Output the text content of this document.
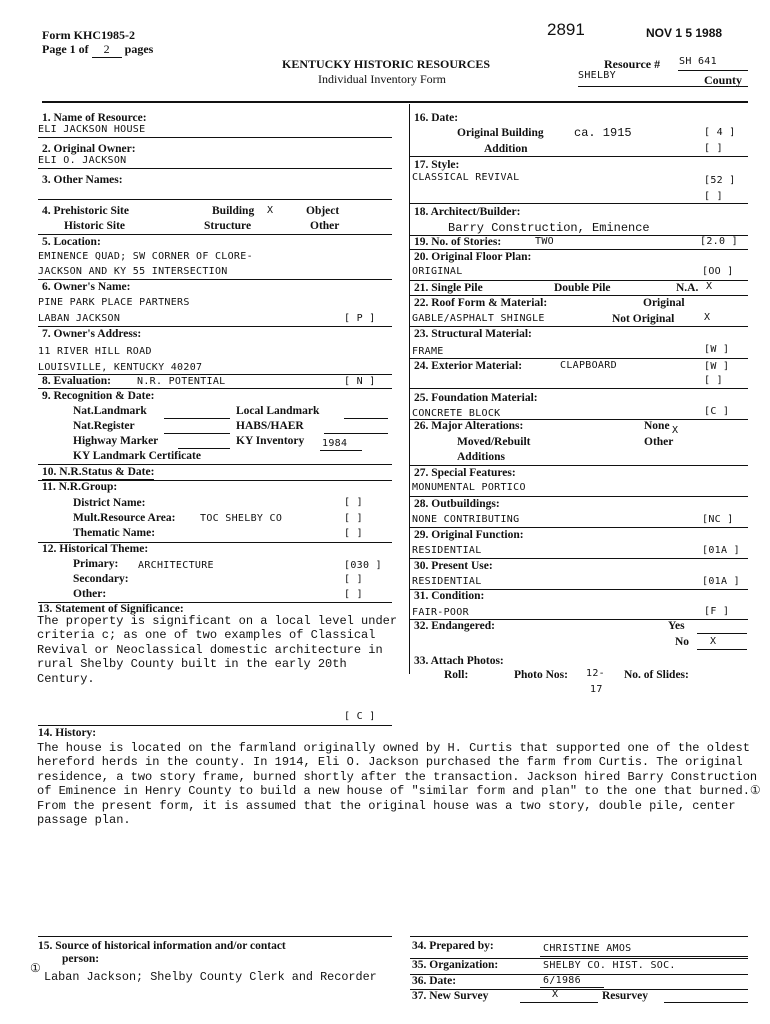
Form KHC1985-2
Page 1 of 2 pages
2891	NOV 1 5 1988
KENTUCKY HISTORIC RESOURCES
Individual Inventory Form
Resource # SH 641
SHELBY	County
1. Name of Resource:
ELI JACKSON HOUSE
2. Original Owner:
ELI O. JACKSON
3. Other Names:
4. Prehistoric Site	Building X	Object
Historic Site	Structure	Other
5. Location:
EMINENCE QUAD; SW CORNER OF CLORE-
JACKSON AND KY 55 INTERSECTION
6. Owner's Name:
PINE PARK PLACE PARTNERS
LABAN JACKSON	[ P ]
7. Owner's Address:
11 RIVER HILL ROAD
LOUISVILLE, KENTUCKY 40207
8. Evaluation:	N.R. POTENTIAL	[ N ]
9. Recognition & Date:
Nat.Landmark	Local Landmark
Nat.Register	HABS/HAER
Highway Marker	KY Inventory 1984
KY Landmark Certificate
10. N.R.Status & Date:
11. N.R.Group:
District Name:	[ ]
Mult.Resource Area: TOC SHELBY CO	[ ]
Thematic Name:	[ ]
12. Historical Theme:
Primary: ARCHITECTURE	[030 ]
Secondary:	[ ]
Other:	[ ]
13. Statement of Significance:
The property is significant on a local level under criteria c; as one of two examples of Classical Revival or Neoclassical domestic architecture in rural Shelby County built in the early 20th Century.
[ C ]
16. Date:
Original Building	ca. 1915	[ 4 ]
Addition	[ ]
17. Style:
CLASSICAL REVIVAL	[52 ]
[ ]
18. Architect/Builder:
Barry Construction, Eminence
19. No. of Stories:	TWO	[2.0 ]
20. Original Floor Plan:
ORIGINAL	[OO ]
21. Single Pile	Double Pile	N.A. X
22. Roof Form & Material:	Original
GABLE/ASPHALT SHINGLE	Not Original	X
23. Structural Material:
FRAME	[W ]
24. Exterior Material:	CLAPBOARD	[W ]
[ ]
25. Foundation Material:
CONCRETE BLOCK	[C ]
26. Major Alterations:	None X
Moved/Rebuilt	Other
Additions
27. Special Features:
MONUMENTAL PORTICO
28. Outbuildings:
NONE CONTRIBUTING	[NC ]
29. Original Function:
RESIDENTIAL	[01A ]
30. Present Use:
RESIDENTIAL	[01A ]
31. Condition:
FAIR-POOR	[F ]
32. Endangered:	Yes
No X
33. Attach Photos:
Roll:	Photo Nos: 12-
17
No. of Slides:
14. History:
The house is located on the farmland originally owned by H. Curtis that supported one of the oldest hereford herds in the county. In 1914, Eli O. Jackson purchased the farm from Curtis. The original residence, a two story frame, burned shortly after the transaction. Jackson hired Barry Construction of Eminence in Henry County to build a new house of "similar form and plan" to the one that burned.① From the present form, it is assumed that the original house was a two story, double pile, center passage plan.
15. Source of historical information and/or contact
person:
①
Laban Jackson; Shelby County Clerk and Recorder
34. Prepared by:	CHRISTINE AMOS
35. Organization:	SHELBY CO. HIST. SOC.
36. Date:	6/1986
37. New Survey	X	Resurvey
